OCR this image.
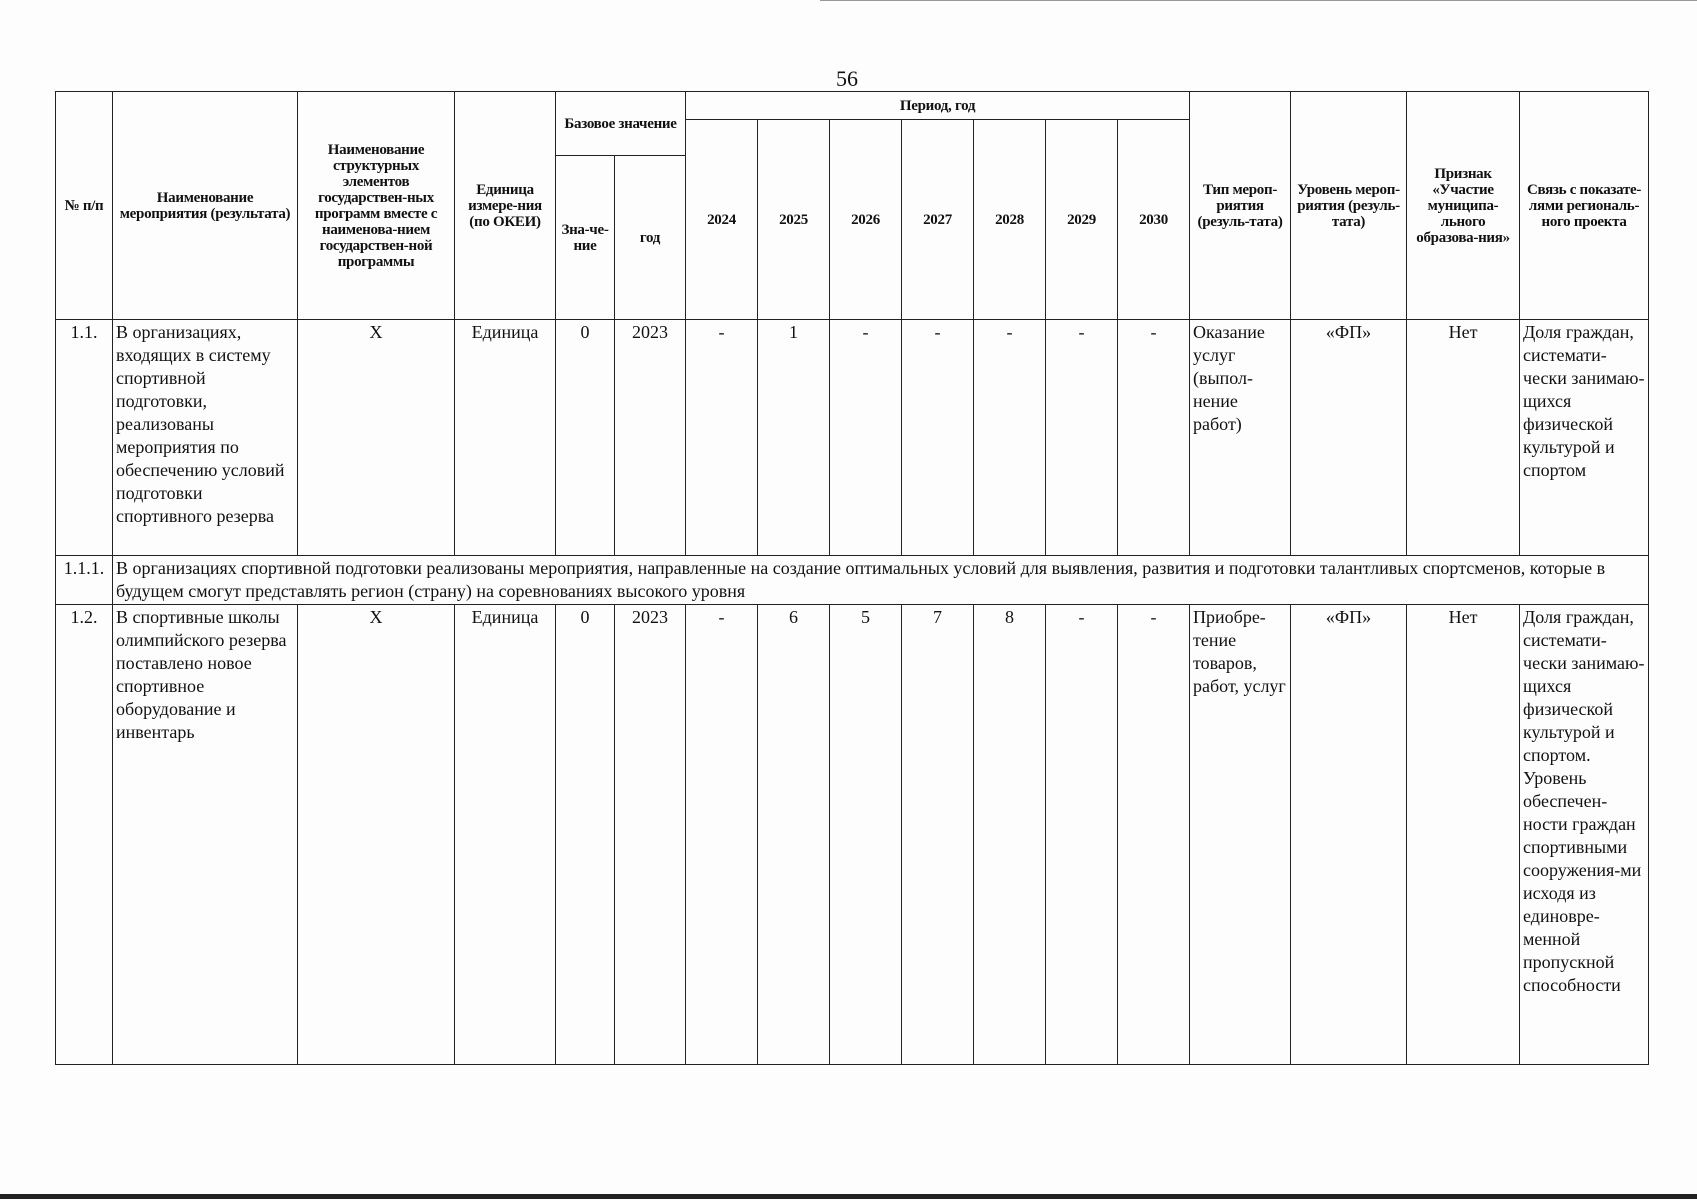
56
№ п/п	Наименование мероприятия (результата)	Наименование структурных элементов государствен-ных программ вместе с наименова-нием государствен-ной программы	Единица измере-ния (по ОКЕИ)	Базовое значение		Период, год							Тип мероп-риятия (резуль-тата)	Уровень мероп-риятия (резуль-тата)	Признак «Участие муниципа-льного образова-ния»	Связь с показате-лями региональ-ного проекта
						2024	2025	2026	2027	2028	2029	2030				
				Зна-че-ние	год											
1.1.	В организациях, входящих в систему спортивной подготовки, реализованы мероприятия по обеспечению условий подготовки спортивного резерва	Х	Единица	0	2023	-	1	-	-	-	-	-	Оказание услуг (выпол-нение работ)	«ФП»	Нет	Доля граждан, системати-чески занимаю-щихся физической культурой и спортом
1.1.1.	В организациях спортивной подготовки реализованы мероприятия, направленные на создание оптимальных условий для выявления, развития и подготовки талантливых спортсменов, которые в будущем смогут представлять регион (страну) на соревнованиях высокого уровня															
1.2.	В спортивные школы олимпийского резерва поставлено новое спортивное оборудование и инвентарь	Х	Единица	0	2023	-	6	5	7	8	-	-	Приобре-тение товаров, работ, услуг	«ФП»	Нет	Доля граждан, системати-чески занимаю-щихся физической культурой и спортом. Уровень обеспечен-ности граждан спортивными сооружения-ми исходя из единовре-менной пропускной способности
